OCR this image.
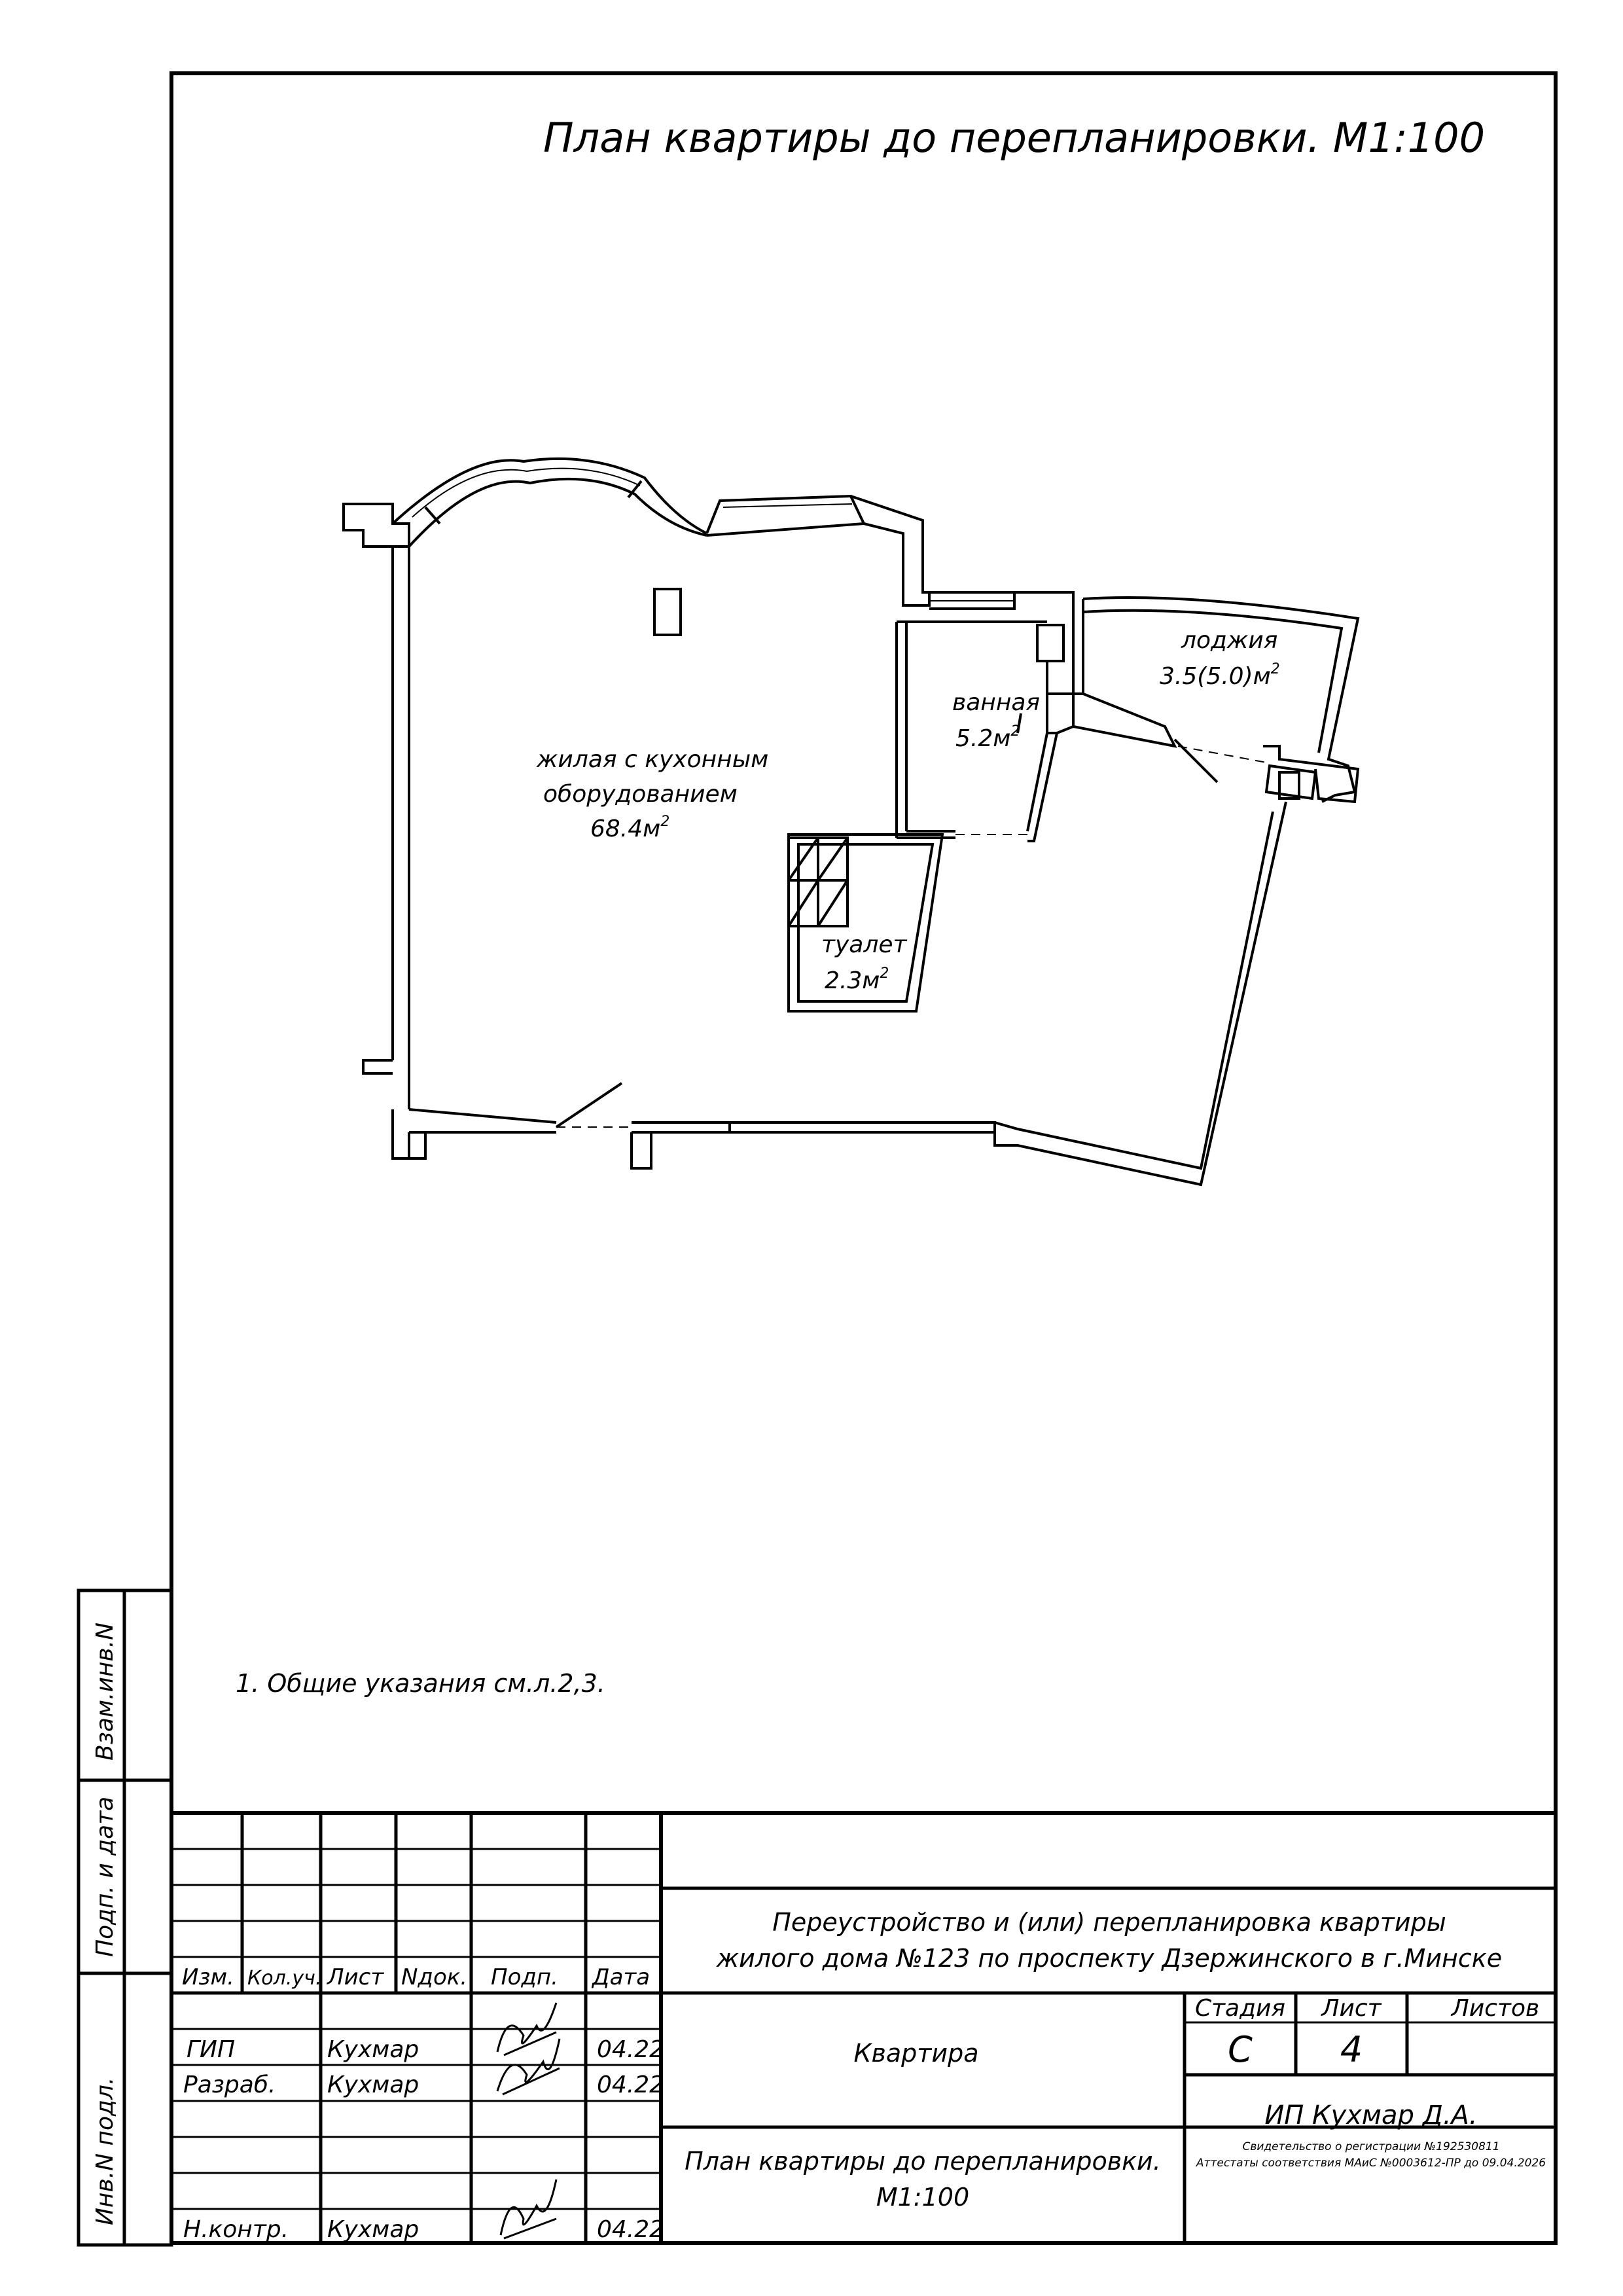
Взам.инв.N
Подп. и дата
Инв.N подл.
План квартиры до перепланировки. М1:100
жилая с кухонным
оборудованием
$68.4м^2$
ванная
$5.2м^2$
лоджия
$3.5(5.0)м^2$
туалет
$2.3м^2$
1. Общие указания см.л.2,3.
Изм. Кол.уч. Лист Nдок. Подп. Дата
ГИП	Кухмар	04.22
Разраб. Кухмар	04.22
Н.контр. Кухмар	04.22
Переустройство и (или) перепланировка квартиры
жилого дома №123 по проспекту Дзержинского в г.Минске
Квартира
Стадия Лист	Листов
С 4
План квартиры до перепланировки.
М1:100
ИП Кухмар Д.А.
Свидетельство о регистрации №192530811
Аттестаты соответствия МАиС №0003612-ПР до 09.04.2026
